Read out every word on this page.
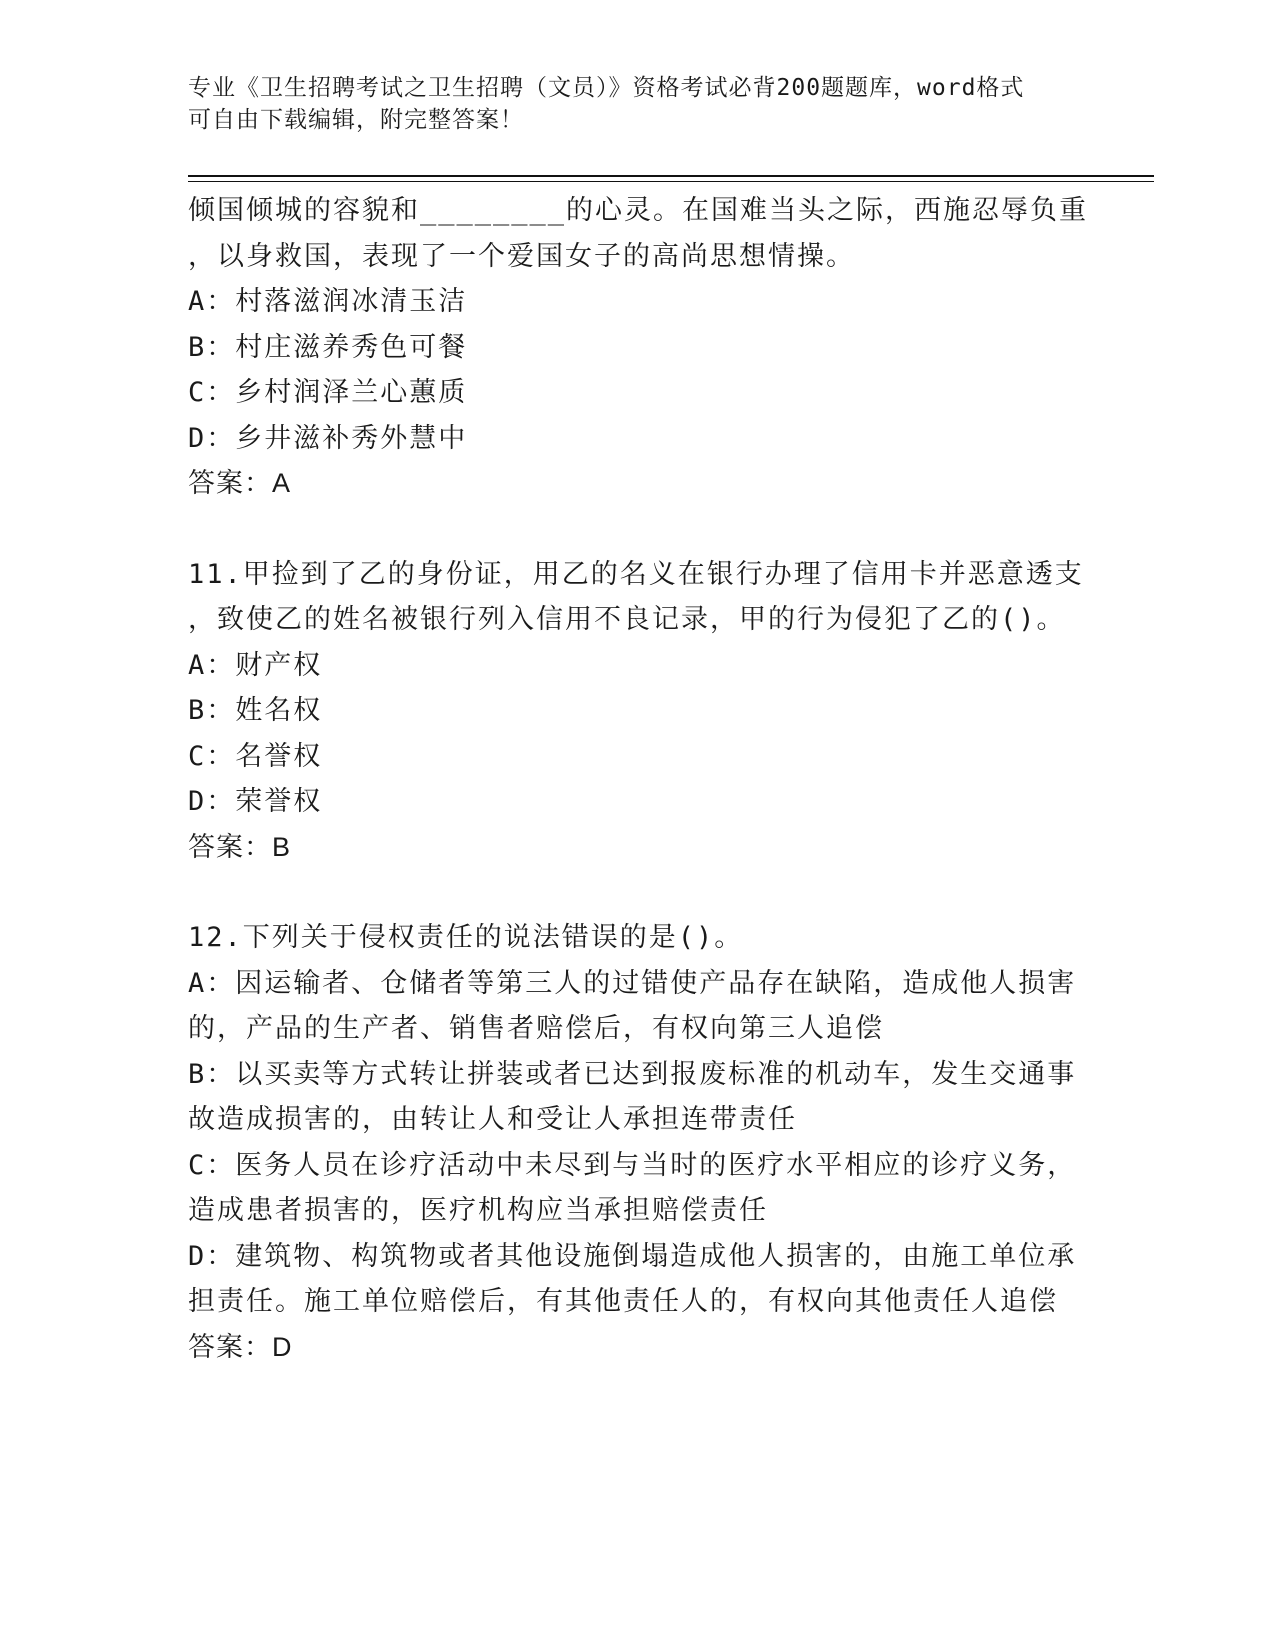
专业《卫生招聘考试之卫生招聘（文员）》资格考试必背200题题库，word格式
可自由下载编辑，附完整答案！
倾国倾城的容貌和________的心灵。在国难当头之际，西施忍辱负重
，以身救国，表现了一个爱国女子的高尚思想情操。
A：村落滋润冰清玉洁
B：村庄滋养秀色可餐
C：乡村润泽兰心蕙质
D：乡井滋补秀外慧中
答案：A
11.甲捡到了乙的身份证，用乙的名义在银行办理了信用卡并恶意透支
，致使乙的姓名被银行列入信用不良记录，甲的行为侵犯了乙的()。
A：财产权
B：姓名权
C：名誉权
D：荣誉权
答案：B
12.下列关于侵权责任的说法错误的是()。
A：因运输者、仓储者等第三人的过错使产品存在缺陷，造成他人损害
的，产品的生产者、销售者赔偿后，有权向第三人追偿
B：以买卖等方式转让拼装或者已达到报废标准的机动车，发生交通事
故造成损害的，由转让人和受让人承担连带责任
C：医务人员在诊疗活动中未尽到与当时的医疗水平相应的诊疗义务，
造成患者损害的，医疗机构应当承担赔偿责任
D：建筑物、构筑物或者其他设施倒塌造成他人损害的，由施工单位承
担责任。施工单位赔偿后，有其他责任人的，有权向其他责任人追偿
答案：D
